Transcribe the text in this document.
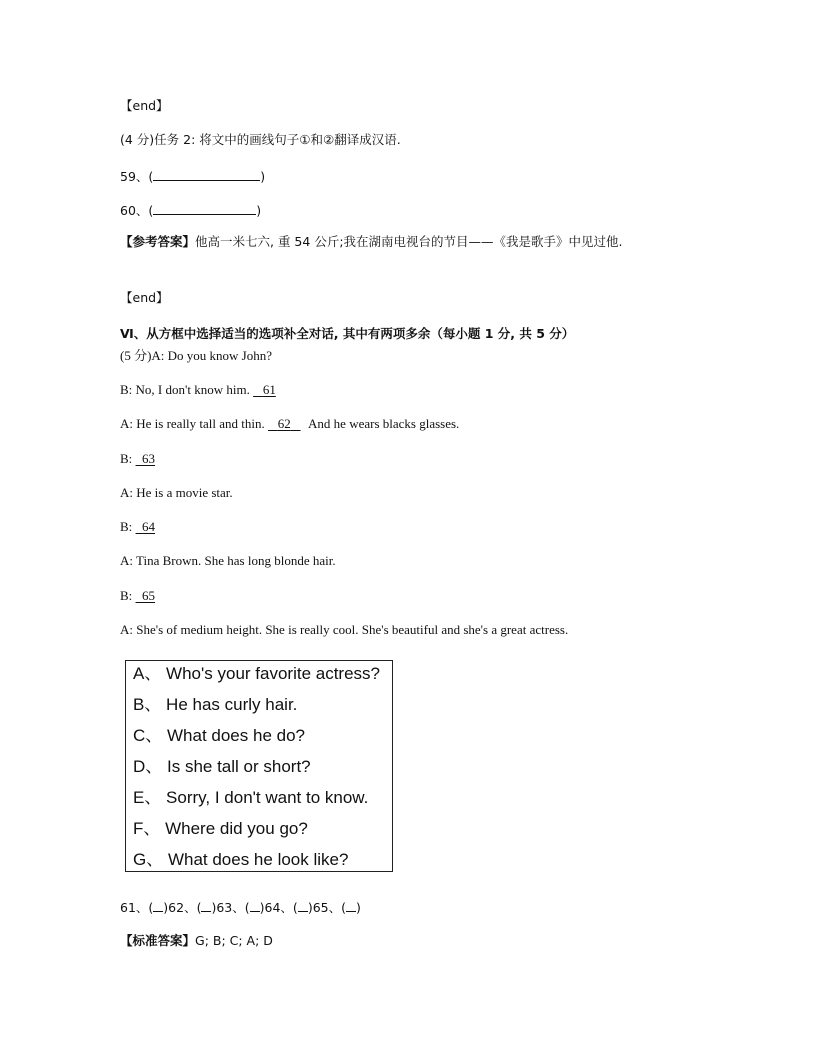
【end】
(4 分)任务 2: 将文中的画线句子①和②翻译成汉语.
59、(	)
60、(	)
【参考答案】他高一米七六, 重 54 公斤;我在湖南电视台的节目——《我是歌手》中见过他.
【end】
Ⅵ、从方框中选择适当的选项补全对话, 其中有两项多余（每小题 1 分, 共 5 分）
(5 分)A: Do you know John?
B: No, I don't know him.    61
A: He is really tall and thin.    62 And he wears blacks glasses.
B:   63
A: He is a movie star.
B:   64
A: Tina Brown. She has long blonde hair.
B:   65
A: She's of medium height. She is really cool. She's beautiful and she's a great actress.
A、 Who's your favorite actress?
B、 He has curly hair.
C、 What does he do?
D、 Is she tall or short?
E、 Sorry, I don't want to know.
F、 Where did you go?
G、 What does he look like?
61、( )62、( )63、( )64、( )65、( )
【标准答案】G; B; C; A; D
